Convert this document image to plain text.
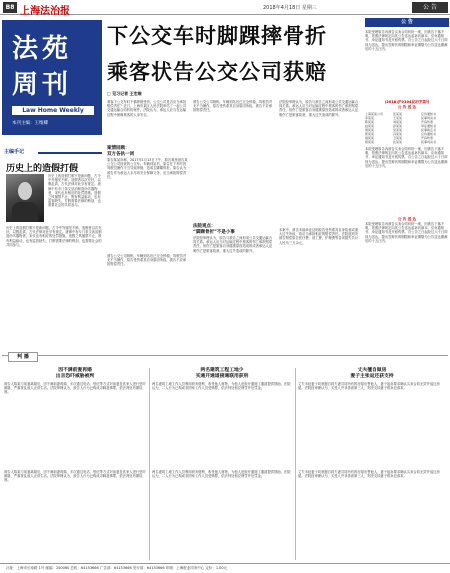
B8 上海法治报	2018年4月18日 星期三	公 告
法苑
周刊
Law Home Weekly
本刊主编：王维卿
主编手记
历史上的造假打假
历史上的造假打假不是新问题，古今中外屡见不鲜。造假者以次充好，以假乱真，古代法律对此早有规定。唐律中有专门条文惩治制造伪劣器物者，宋代也有相应的处罚措施。造假之风屡禁不止，既有利益驱动，也有监管缺失。打假需要法律的利剑，也需要社会的共同参与。
历史上的造假打假不是新问题，古今中外屡见不鲜。造假者以次充好，以假乱真，古代法律对此早有规定。唐律中有专门条文惩治制造伪劣器物者，宋代也有相应的处罚措施。造假之风屡禁不止，既有利益驱动，也有监管缺失。打假需要法律的利剑，也需要社会的共同参与。
下公交车时脚踝摔骨折
乘客状告公交公司获赔
□ 见习记者 王宏维
乘客下公交车时不慎摔倒受伤，公交公司是否应当承担赔偿责任？近日，上海市某区人民法院审结了一起公共交通运输合同纠纷案件。法院认为，承运人应当在运输过程中保障旅客的人身安全。
案情回顾：
双方各执一词
原告陈某诉称，2017年1月13日下午，原告乘坐被告某公交公司经营的公交车。车辆到站后，原告在下车时因驾驶员操作不当导致摔倒，造成右脚踝骨折。原告认为被告作为承运人未尽到安全保障义务，应当承担赔偿责任。
被告公交公司辩称，车辆到站后已完全停稳，驾驶员并无不当操作，原告受伤系其自身原因所致，被告不应承担赔偿责任。
被告公交公司辩称，车辆到站后已完全停稳，驾驶员并无不当操作，原告受伤系其自身原因所致，被告不应承担赔偿责任。
法院观点：
“脚踝骨折”不是小事
法院经审理认为，原告与被告之间形成公共交通运输合同关系。承运人应当对运输过程中旅客的伤亡承担赔偿责任，但伤亡是旅客自身健康原因造成的或者承运人证明伤亡是旅客故意、重大过失造成的除外。
法院经审理认为，原告与被告之间形成公共交通运输合同关系。承运人应当对运输过程中旅客的伤亡承担赔偿责任，但伤亡是旅客自身健康原因造成的或者承运人证明伤亡是旅客故意、重大过失造成的除外。
本案中，被告未能举证证明原告受伤系其自身故意或重大过失所致，故应当承担相应的赔偿责任。法院遂判决被告赔偿原告医疗费、误工费、护理费等各项损失共计人民币三万余元。
公 告
本院受理原告诉被告买卖合同纠纷一案，因被告下落不明，依照法律规定向其公告送达起诉状副本、应诉通知书、举证通知书及开庭传票。自公告之日起经过六十日即视为送达。提出答辩状的期限和举证期限为公告送达期满后的十五日内。
(2018)沪0104民初字第号
公 告 送 达
上海某某公司	张某某	应诉通知书
李某某	王某某	民事判决书
陈某某	刘某某	开庭传票
赵某某	孙某某	举证通知书
周某某	吴某某	民事裁定书
郑某某	冯某某	应诉通知书
褚某某	卫某某	开庭传票
蒋某某	沈某某	民事判决书
本院受理原告诉被告买卖合同纠纷一案，因被告下落不明，依照法律规定向其公告送达起诉状副本、应诉通知书、举证通知书及开庭传票。自公告之日起经过六十日即视为送达。提出答辩状的期限和举证期限为公告送达期满后的十五日内。
公 告 送 达
本院受理原告诉被告买卖合同纠纷一案，因被告下落不明，依照法律规定向其公告送达起诉状副本、应诉通知书、举证通知书及开庭传票。自公告之日起经过六十日即视为送达。提出答辩状的期限和举证期限为公告送达期满后的十五日内。
判 播
因不满前妻再婚
出言恐吓威胁被判
被告人陈某与前妻离婚后，因不满前妻再婚，多次通过电话、短信等方式对前妻及其家人进行恐吓威胁，严重扰乱他人正常生活。法院审理认为，被告人行为已构成寻衅滋事罪，依法判处有期徒刑。
被告人陈某与前妻离婚后，因不满前妻再婚，多次通过电话、短信等方式对前妻及其家人进行恐吓威胁，严重扰乱他人正常生活。法院审理认为，被告人行为已构成寻衅滋事罪，依法判处有期徒刑。
两名建筑工程工地少
买通开通道接通联用获刑
两名建筑工地工作人员利用职务便利，收受他人财物，为他人违规开通施工通道提供帮助。法院认为，二人行为已构成非国家工作人员受贿罪，依法判处相应刑罚并处罚金。
两名建筑工地工作人员利用职务便利，收受他人财物，为他人违规开通施工通道提供帮助。法院认为，二人行为已构成非国家工作人员受贿罪，依法判处相应刑罚并处罚金。
丈夫擅自做房
妻子主张返还获支持
丈夫未经妻子同意擅自将夫妻共同所有的房屋出售他人，妻子起诉要求确认买卖合同无效并返还房屋。法院经审理认为，买受人并非善意第三人，判决支持妻子的诉讼请求。
丈夫未经妻子同意擅自将夫妻共同所有的房屋出售他人，妻子起诉要求确认买卖合同无效并返还房屋。法院经审理认为，买受人并非善意第三人，判决支持妻子的诉讼请求。
社址：上海市长寿路 1号 邮编：200060 总机：64153666 广告部：64153666 发行部：64153666 印刷：上海报业印务中心 定价：1.00元
